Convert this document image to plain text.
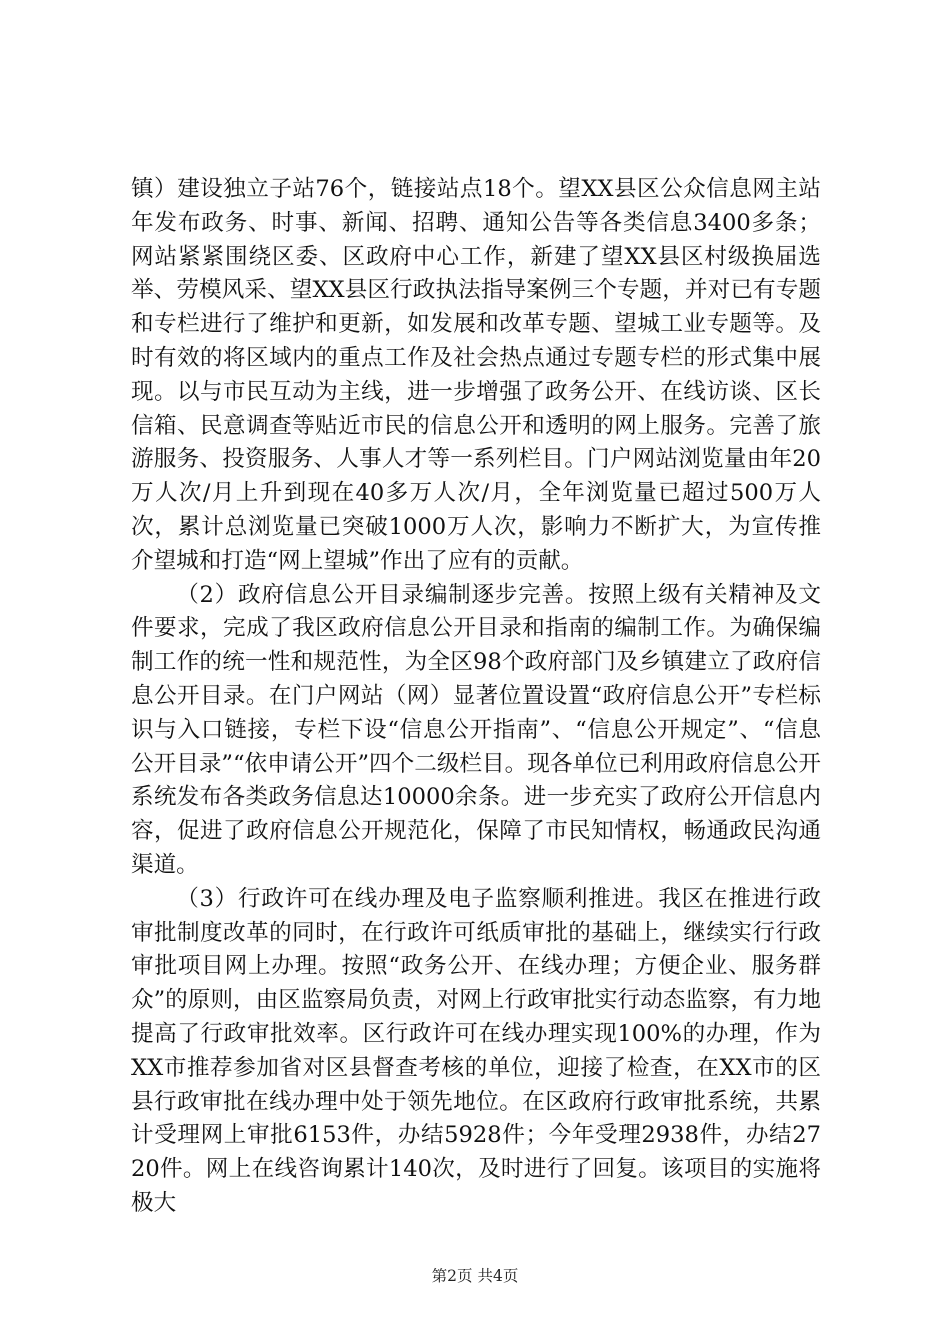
镇）建设独立子站76个，链接站点18个。望XX县区公众信息网主站年发布政务、时事、新闻、招聘、通知公告等各类信息3400多条；网站紧紧围绕区委、区政府中心工作，新建了望XX县区村级换届选举、劳模风采、望XX县区行政执法指导案例三个专题，并对已有专题和专栏进行了维护和更新，如发展和改革专题、望城工业专题等。及时有效的将区域内的重点工作及社会热点通过专题专栏的形式集中展现。以与市民互动为主线，进一步增强了政务公开、在线访谈、区长信箱、民意调查等贴近市民的信息公开和透明的网上服务。完善了旅游服务、投资服务、人事人才等一系列栏目。门户网站浏览量由年20万人次/月上升到现在40多万人次/月，全年浏览量已超过500万人次，累计总浏览量已突破1000万人次，影响力不断扩大，为宣传推介望城和打造“网上望城”作出了应有的贡献。

（2）政府信息公开目录编制逐步完善。按照上级有关精神及文件要求，完成了我区政府信息公开目录和指南的编制工作。为确保编制工作的统一性和规范性，为全区98个政府部门及乡镇建立了政府信息公开目录。在门户网站（网）显著位置设置“政府信息公开”专栏标识与入口链接，专栏下设“信息公开指南”、“信息公开规定”、“信息公开目录”“依申请公开”四个二级栏目。现各单位已利用政府信息公开系统发布各类政务信息达10000余条。进一步充实了政府公开信息内容，促进了政府信息公开规范化，保障了市民知情权，畅通政民沟通渠道。

（3）行政许可在线办理及电子监察顺利推进。我区在推进行政审批制度改革的同时，在行政许可纸质审批的基础上，继续实行行政审批项目网上办理。按照“政务公开、在线办理；方便企业、服务群众”的原则，由区监察局负责，对网上行政审批实行动态监察，有力地提高了行政审批效率。区行政许可在线办理实现100%的办理，作为XX市推荐参加省对区县督查考核的单位，迎接了检查，在XX市的区县行政审批在线办理中处于领先地位。在区政府行政审批系统，共累计受理网上审批6153件，办结5928件；今年受理2938件，办结2720件。网上在线咨询累计140次，及时进行了回复。该项目的实施将极大

第2页 共4页
